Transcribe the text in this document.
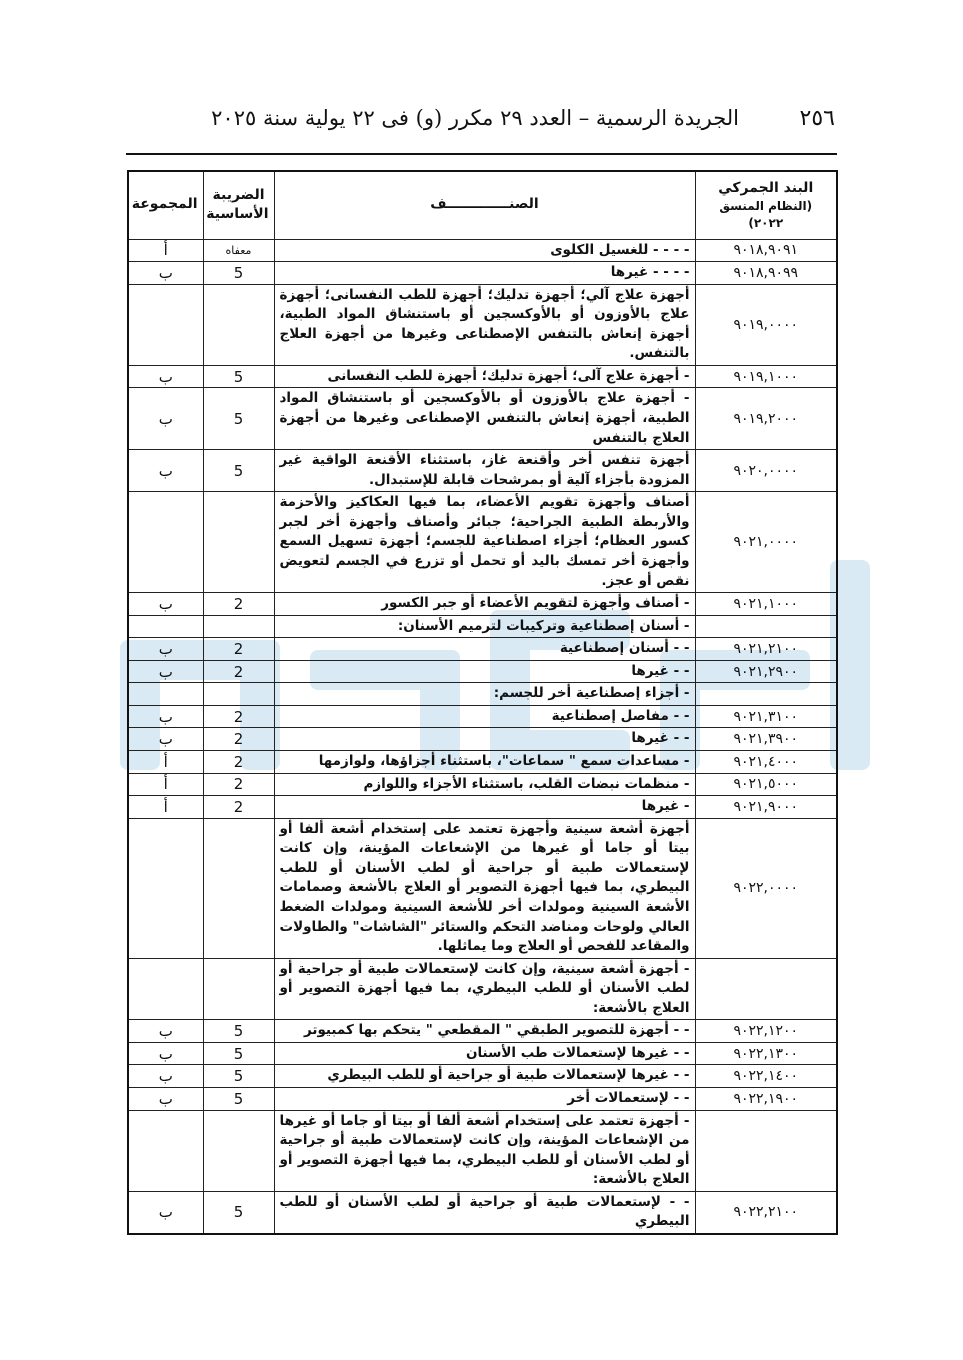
٢٥٦
الجريدة الرسمية – العدد ٢٩ مكرر (و) فى ٢٢ يولية سنة ٢٠٢٥
البند الجمركي
(النظام المنسق ٢٠٢٢)	الصنـــــــــــــف	الضريبة الأساسية	المجموعة
٩٠١٨,٩٠٩١	- - - - للغسيل الكلوى	معفاه	أ
٩٠١٨,٩٠٩٩	- - - - غيرها	5	ب
٩٠١٩,٠٠٠٠	أجهزة علاج آلي؛ أجهزة تدليك؛ أجهزة للطب النفسانى؛ أجهزة علاج بالأوزون أو بالأوكسجين أو باستنشاق المواد الطبية، أجهزة إنعاش بالتنفس الإصطناعى وغيرها من أجهزة العلاج بالتنفس.		
٩٠١٩,١٠٠٠	- أجهزة علاج آلى؛ أجهزة تدليك؛ أجهزة للطب النفسانى	5	ب
٩٠١٩,٢٠٠٠	- أجهزة علاج بالأوزون أو بالأوكسجين أو باستنشاق المواد الطبية، أجهزة إنعاش بالتنفس الإصطناعى وغيرها من أجهزة العلاج بالتنفس	5	ب
٩٠٢٠,٠٠٠٠	أجهزة تنفس أخر وأقنعة غاز، باستثناء الأقنعة الواقية غير المزودة بأجزاء آلية أو بمرشحات قابلة للإستبدال.	5	ب
٩٠٢١,٠٠٠٠	أصناف وأجهزة تقويم الأعضاء، بما فيها العكاكيز والأحزمة والأربطة الطبية الجراحية؛ جبائر وأصناف وأجهزة أخر لجبر كسور العظام؛ أجزاء اصطناعية للجسم؛ أجهزة تسهيل السمع وأجهزة أخر تمسك باليد أو تحمل أو تزرع في الجسم لتعويض نقص أو عجز.		
٩٠٢١,١٠٠٠	- أصناف وأجهزة لتقويم الأعضاء أو جبر الكسور	2	ب
	- أسنان إصطناعية وتركيبات لترميم الأسنان:		
٩٠٢١,٢١٠٠	- - أسنان إصطناعية	2	ب
٩٠٢١,٢٩٠٠	- - غيرها	2	ب
	- أجزاء إصطناعية أخر للجسم:		
٩٠٢١,٣١٠٠	- - مفاصل إصطناعية	2	ب
٩٠٢١,٣٩٠٠	- - غيرها	2	ب
٩٠٢١,٤٠٠٠	- مساعدات سمع " سماعات"، باستثناء أجزاؤها، ولوازمها	2	أ
٩٠٢١,٥٠٠٠	- منظمات نبضات القلب، باستثناء الأجزاء واللوازم	2	أ
٩٠٢١,٩٠٠٠	- غيرها	2	أ
٩٠٢٢,٠٠٠٠	أجهزة أشعة سينية وأجهزة تعتمد على إستخدام أشعة ألفا أو بيتا أو جاما أو غيرها من الإشعاعات المؤينة، وإن كانت لإستعمالات طبية أو جراحية أو لطب الأسنان أو للطب البيطري، بما فيها أجهزة التصوير أو العلاج بالأشعة وصمامات الأشعة السينية ومولدات أخر للأشعة السينية ومولدات الضغط العالي ولوحات ومناضد التحكم والستائر "الشاشات" والطاولات والمقاعد للفحص أو العلاج وما يماثلها.		
	- أجهزة أشعة سينية، وإن كانت لإستعمالات طبية أو جراحية أو لطب الأسنان أو للطب البيطري، بما فيها أجهزة التصوير أو العلاج بالأشعة:		
٩٠٢٢,١٢٠٠	- - أجهزة للتصوير الطبقي " المقطعي " يتحكم بها كمبيوتر	5	ب
٩٠٢٢,١٣٠٠	- - غيرها لإستعمالات طب الأسنان	5	ب
٩٠٢٢,١٤٠٠	- - غيرها لإستعمالات طبية أو جراحية أو للطب البيطري	5	ب
٩٠٢٢,١٩٠٠	- - لإستعمالات أخر	5	ب
	- أجهزة تعتمد على إستخدام أشعة ألفا أو بيتا أو جاما أو غيرها من الإشعاعات المؤينة، وإن كانت لإستعمالات طبية أو جراحية أو لطب الأسنان أو للطب البيطري، بما فيها أجهزة التصوير أو العلاج بالأشعة:		
٩٠٢٢,٢١٠٠	- - لإستعمالات طبية أو جراحية أو لطب الأسنان أو للطب البيطري	5	ب
